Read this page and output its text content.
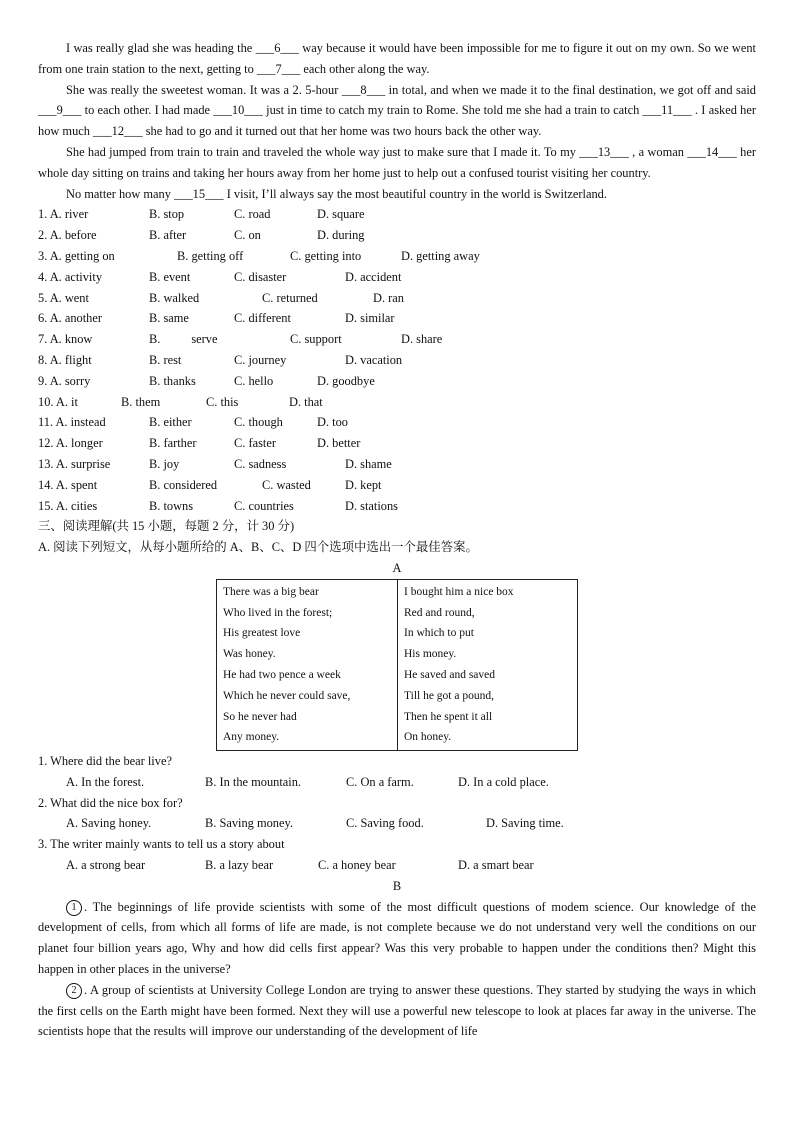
I was really glad she was heading the ___6___ way because it would have been impossible for me to figure it out on my own. So we went from one train station to the next, getting to ___7___ each other along the way.

She was really the sweetest woman. It was a 2. 5-hour ___8___ in total, and when we made it to the final destination, we got off and said ___9___ to each other. I had made ___10___ just in time to catch my train to Rome. She told me she had a train to catch ___11___ . I asked her how much ___12___ she had to go and it turned out that her home was two hours back the other way.

She had jumped from train to train and traveled the whole way just to make sure that I made it. To my ___13___ , a woman ___14___ her whole day sitting on trains and taking her hours away from her home just to help out a confused tourist visiting her country.

No matter how many ___15___ I visit, I’ll always say the most beautiful country in the world is Switzerland.

1. A. river	B. stop	C. road	D. square
2. A. before	B. after	C. on	D. during
3. A. getting on	B. getting off	C. getting into	D. getting away
4. A. activity	B. event	C. disaster	D. accident
5. A. went	B. walked	C. returned	D. ran
6. A. another	B. same	C. different	D. similar
7. A. know	B.          serve	C. support	D. share
8. A. flight	B. rest	C. journey	D. vacation
9. A. sorry	B. thanks	C. hello	D. goodbye
10. A. it	B. them	C. this	D. that
11. A. instead	B. either	C. though	D. too
12. A. longer	B. farther	C. faster	D. better
13. A. surprise	B. joy	C. sadness	D. shame
14. A. spent	B. considered	C. wasted	D. kept
15. A. cities	B. towns	C. countries	D. stations

三、阅读理解(共 15 小题，每题 2 分，计 30 分)

A. 阅读下列短文，从每小题所给的 A、B、C、D 四个选项中选出一个最佳答案。

A
There was a big bear
Who lived in the forest;
His greatest love
Was honey.
He had two pence a week
Which he never could save,
So he never had
Any money.
I bought him a nice box
Red and round,
In which to put
His money.
He saved and saved
Till he got a pound,
Then he spent it all
On honey.

1. Where did the bear live?

A. In the forest.	B. In the mountain.	C. On a farm.	D. In a cold place.

2. What did the nice box for?

A. Saving honey.	B. Saving money.	C. Saving food.	D. Saving time.

3. The writer mainly wants to tell us a story about

A. a strong bear	B. a lazy bear	C. a honey bear	D. a smart bear
B

1 . The beginnings of life provide scientists with some of the most difficult questions of modem science. Our knowledge of the development of cells, from which all forms of life are made, is not complete because we do not understand very well the conditions on our planet four billion years ago, Why and how did cells first appear? Was this very probable to happen under the conditions then? Might this happen in other places in the universe?

2 . A group of scientists at University College London are trying to answer these questions. They started by studying the ways in which the first cells on the Earth might have been formed. Next they will use a powerful new telescope to look at places far away in the universe. The scientists hope that the results will improve our understanding of the development of life
